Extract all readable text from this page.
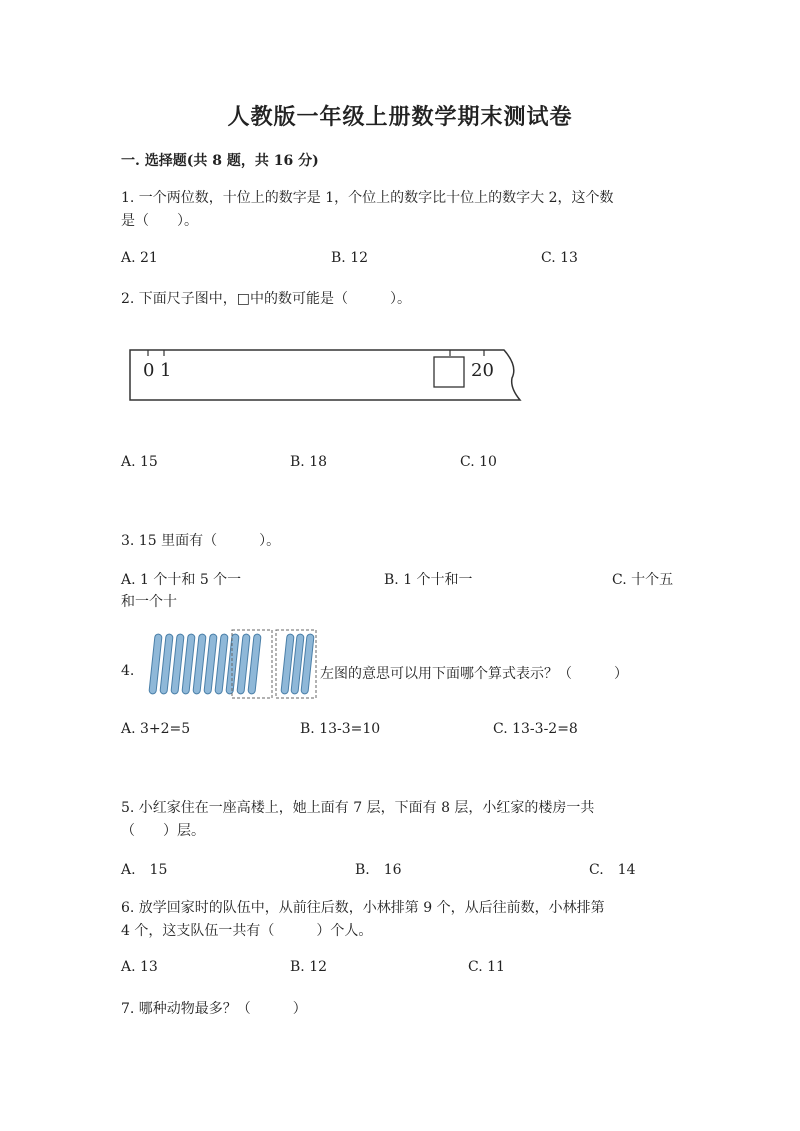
人教版一年级上册数学期末测试卷
一. 选择题(共 8 题，共 16 分)
1. 一个两位数，十位上的数字是 1，个位上的数字比十位上的数字大 2，这个数
是（　　）。
A. 21	B. 12	C. 13
2. 下面尺子图中，□中的数可能是（　　　）。
0 1	20
A. 15	B. 18	C. 10
3. 15 里面有（　　　）。
A. 1 个十和 5 个一	B. 1 个十和一	C. 十个五
和一个十
4.	左图的意思可以用下面哪个算式表示？（　　　）
A. 3+2=5	B. 13-3=10	C. 13-3-2=8
5. 小红家住在一座高楼上，她上面有 7 层，下面有 8 层，小红家的楼房一共
（　　）层。
A.　15	B.　16	C.　14
6. 放学回家时的队伍中，从前往后数，小林排第 9 个，从后往前数，小林排第
4 个，这支队伍一共有（　　　）个人。
A. 13	B. 12	C. 11
7. 哪种动物最多？（　　　）
